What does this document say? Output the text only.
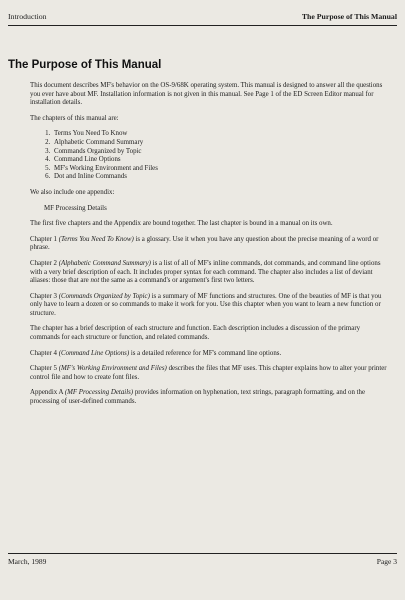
Introduction	The Purpose of This Manual
The Purpose of This Manual

This document describes MF's behavior on the OS-9/68K operating system. This manual is designed to answer all the questions you ever have about MF. Installation information is not given in this manual. See Page 1 of the ED Screen Editor manual for installation details.

The chapters of this manual are:

1. Terms You Need To Know
2. Alphabetic Command Summary
3. Commands Organized by Topic
4. Command Line Options
5. MF's Working Environment and Files
6. Dot and Inline Commands

We also include one appendix:

MF Processing Details

The first five chapters and the Appendix are bound together. The last chapter is bound in a manual on its own.

Chapter 1 (Terms You Need To Know) is a glossary. Use it when you have any question about the precise meaning of a word or phrase.

Chapter 2 (Alphabetic Command Summary) is a list of all of MF's inline commands, dot commands, and command line options with a very brief description of each. It includes proper syntax for each command. The chapter also includes a list of deviant aliases: those that are not the same as a command's or argument's first two letters.

Chapter 3 (Commands Organized by Topic) is a summary of MF functions and structures. One of the beauties of MF is that you only have to learn a dozen or so commands to make it work for you. Use this chapter when you want to learn a new function or structure.

The chapter has a brief description of each structure and function. Each description includes a discussion of the primary commands for each structure or function, and related commands.

Chapter 4 (Command Line Options) is a detailed reference for MF's command line options.

Chapter 5 (MF's Working Environment and Files) describes the files that MF uses. This chapter explains how to alter your printer control file and how to create font files.

Appendix A (MF Processing Details) provides information on hyphenation, text strings, paragraph formatting, and on the processing of user-defined commands.

March, 1989	Page 3
